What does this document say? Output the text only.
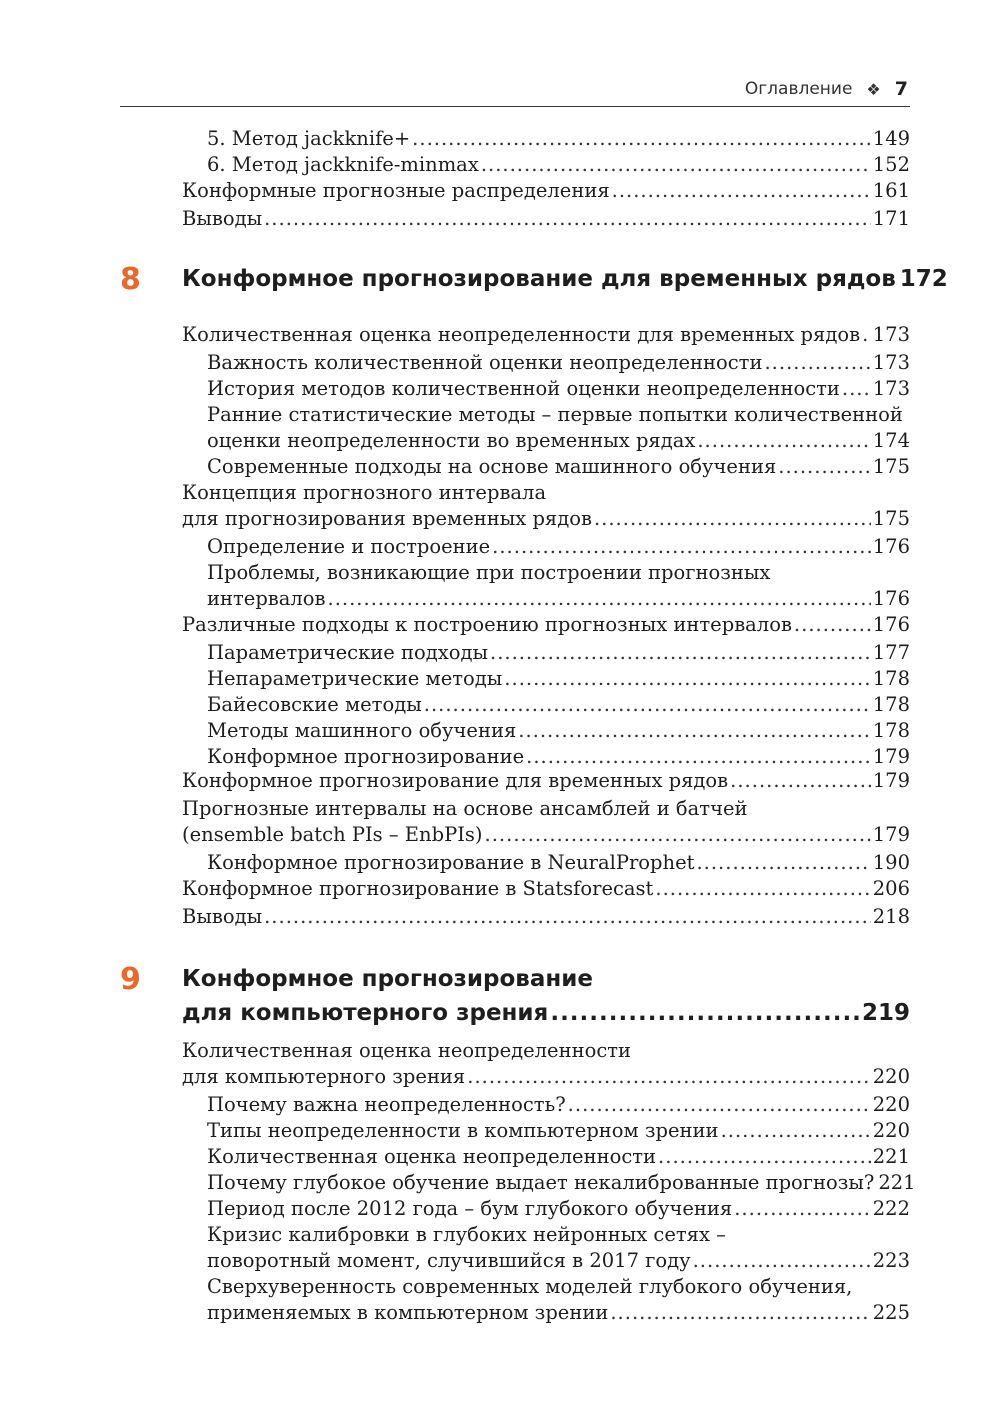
Оглавление ❖ 7
5. Метод jackknife+ .....	149
6. Метод jackknife-minmax .....	152
Конформные прогнозные распределения .....	161
Выводы .....	171
8 Конформное прогнозирование для временных рядов 172
Количественная оценка неопределенности для временных рядов ..... 173
Важность количественной оценки неопределенности .....	173
История методов количественной оценки неопределенности ..... 173
Ранние статистические методы – первые попытки количественной
оценки неопределенности во временных рядах .....	174
Современные подходы на основе машинного обучения .....	175
Концепция прогнозного интервала
для прогнозирования временных рядов .....	175
Определение и построение .....	176
Проблемы, возникающие при построении прогнозных
интервалов .....	176
Различные подходы к построению прогнозных интервалов .....	176
Параметрические подходы .....	177
Непараметрические методы .....	178
Байесовские методы .....	178
Методы машинного обучения .....	178
Конформное прогнозирование .....	179
Конформное прогнозирование для временных рядов .....	179
Прогнозные интервалы на основе ансамблей и батчей
(ensemble batch PIs – EnbPIs) .....	179
Конформное прогнозирование в NeuralProphet .....	190
Конформное прогнозирование в Statsforecast .....	206
Выводы .....	218
9 Конформное прогнозирование
для компьютерного зрения .....	219
Количественная оценка неопределенности
для компьютерного зрения .....	220
Почему важна неопределенность? .....	220
Типы неопределенности в компьютерном зрении .....	220
Количественная оценка неопределенности .....	221
Почему глубокое обучение выдает некалиброванные прогнозы? 221
Период после 2012 года – бум глубокого обучения .....	222
Кризис калибровки в глубоких нейронных сетях –
поворотный момент, случившийся в 2017 году .....	223
Сверхуверенность современных моделей глубокого обучения,
применяемых в компьютерном зрении .....	225
